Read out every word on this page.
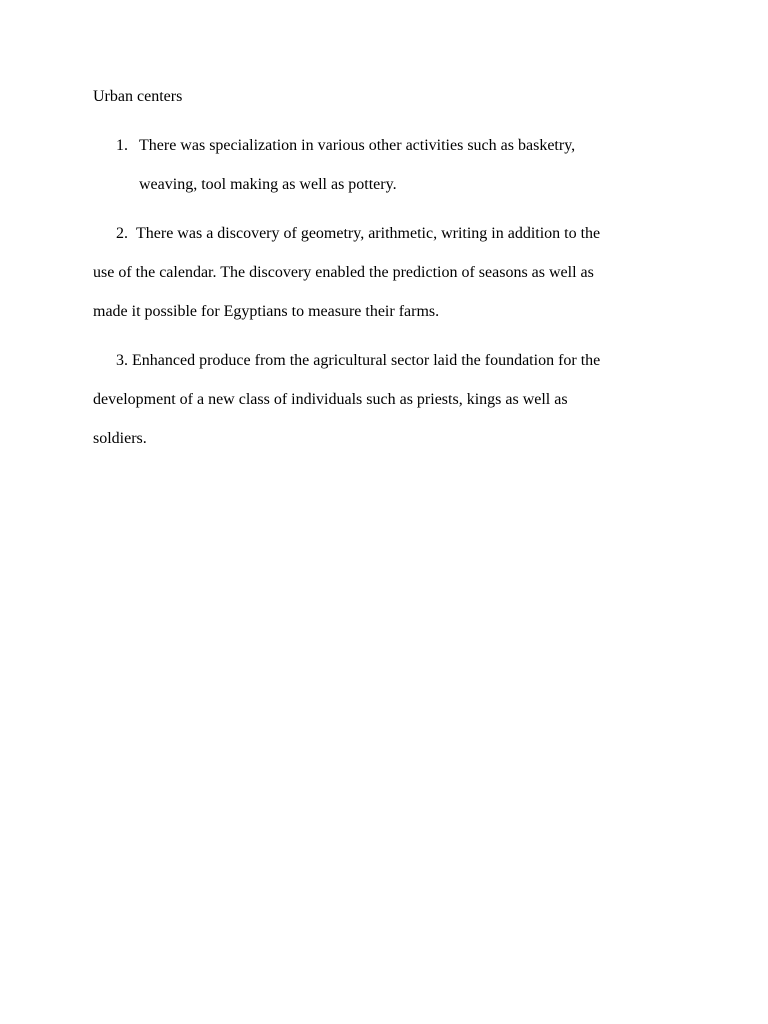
Urban centers
1. There was specialization in various other activities such as basketry,
weaving, tool making as well as pottery.
2. There was a discovery of geometry, arithmetic, writing in addition to the
use of the calendar. The discovery enabled the prediction of seasons as well as
made it possible for Egyptians to measure their farms.
3. Enhanced produce from the agricultural sector laid the foundation for the
development of a new class of individuals such as priests, kings as well as
soldiers.
